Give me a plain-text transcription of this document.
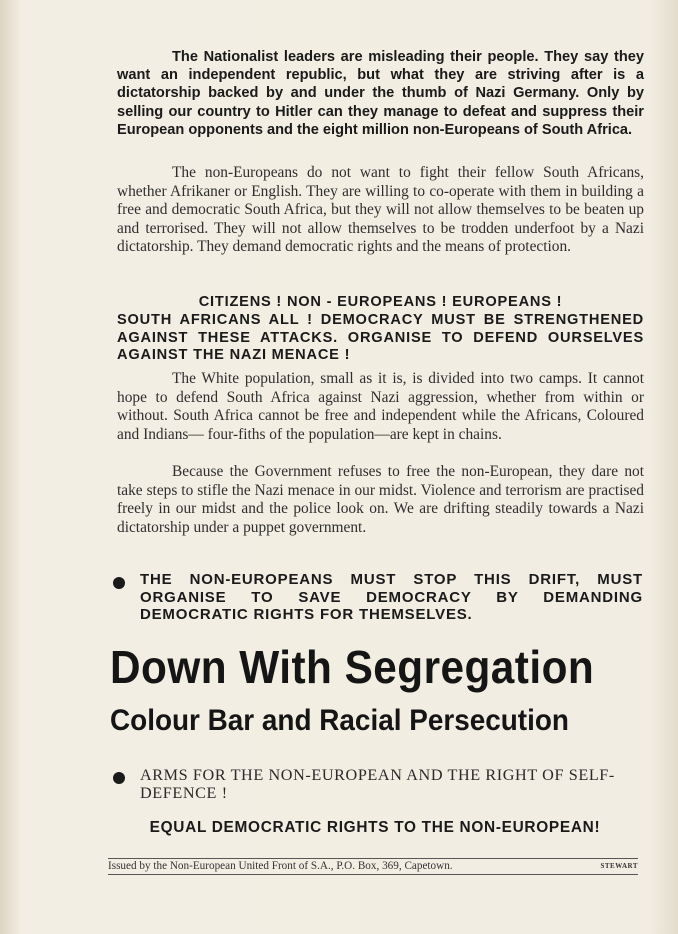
The Nationalist leaders are misleading their people. They say they want an independent republic, but what they are striving after is a dictatorship backed by and under the thumb of Nazi Germany. Only by selling our country to Hitler can they manage to defeat and suppress their European opponents and the eight million non-Europeans of South Africa.

The non-Europeans do not want to fight their fellow South Africans, whether Afrikaner or English. They are willing to co-operate with them in building a free and democratic South Africa, but they will not allow themselves to be beaten up and terrorised. They will not allow themselves to be trodden underfoot by a Nazi dictatorship. They demand democratic rights and the means of protection.

CITIZENS ! NON - EUROPEANS ! EUROPEANS !

SOUTH AFRICANS ALL ! DEMOCRACY MUST BE STRENGTHENED AGAINST THESE ATTACKS. ORGANISE TO DEFEND OURSELVES AGAINST THE NAZI MENACE !

The White population, small as it is, is divided into two camps. It cannot hope to defend South Africa against Nazi aggression, whether from within or without. South Africa cannot be free and independent while the Africans, Coloured and Indians— four-fiths of the population—are kept in chains.

Because the Government refuses to free the non-European, they dare not take steps to stifle the Nazi menace in our midst. Violence and terrorism are practised freely in our midst and the police look on. We are drifting steadily towards a Nazi dictatorship under a puppet government.

THE NON-EUROPEANS MUST STOP THIS DRIFT, MUST ORGANISE TO SAVE DEMOCRACY BY DEMANDING DEMOCRATIC RIGHTS FOR THEMSELVES.
Down With Segregation
Colour Bar and Racial Persecution
ARMS FOR THE NON-EUROPEAN AND THE RIGHT OF SELF-DEFENCE !
EQUAL DEMOCRATIC RIGHTS TO THE NON-EUROPEAN!
Issued by the Non-European United Front of S.A., P.O. Box, 369, Capetown.	STEWART
